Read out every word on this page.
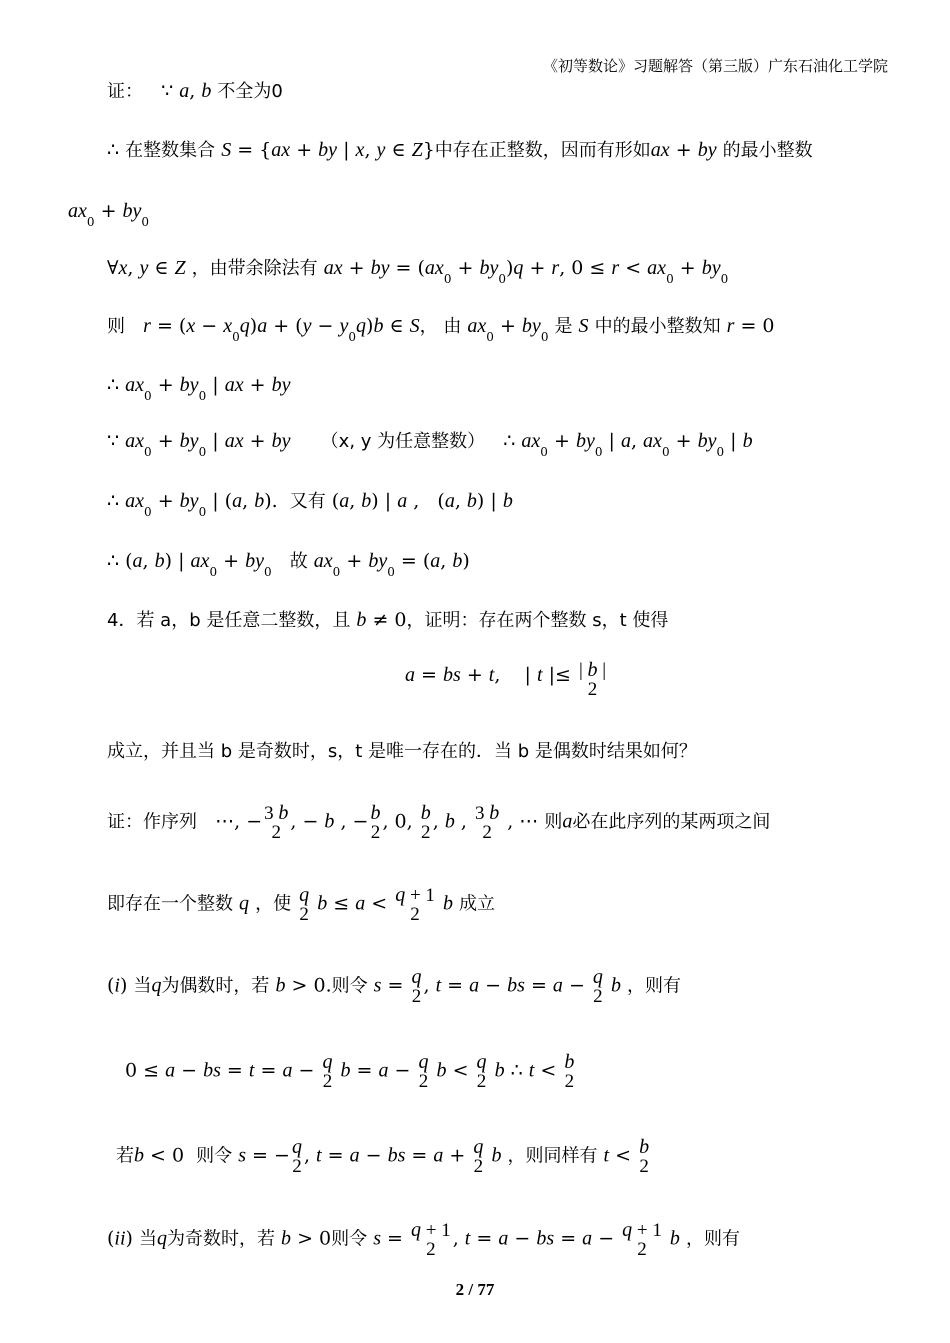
《初等数论》习题解答（第三版）广东石油化工学院
证：   ∵ a, b 不全为0
∴ 在整数集合 S = {ax + by | x, y ∈ Z}中存在正整数，因而有形如ax + by 的最小整数
$ax_0 + by_0$
∀x, y ∈ Z ，由带余除法有 ax + by = $(ax_0 + by_0)q + r$, $0 \le r < ax_0 + by_0$
则 $r = (x - x_0q)a + (y - y_0q)b$ ∈ S， 由 $ax_0 + by_0$ 是 S 中的最小整数知 r = 0
∴ $ax_0 + by_0$ | ax + by
∵ $ax_0 + by_0$ | ax + by （x, y 为任意整数）   ∴ $ax_0 + by_0$ | a, $ax_0 + by_0$ | b
∴ $ax_0 + by_0$ | (a, b).  又有 (a, b) | a ,   (a, b) | b
∴ (a, b) | $ax_0 + by_0$ 故 $ax_0 + by_0 = (a$, b)
4．若 a，b 是任意二整数，且 b ≠ 0，证明：存在两个整数 s，t 使得
a = bs + t,    | t |≤ | b |
2
成立，并且当 b 是奇数时，s，t 是唯一存在的．当 b 是偶数时结果如何？
证：作序列   ⋯, − 3 b
2 , − b , − b
2 , 0, b
2 , b , 3 b
2 , ⋯ 则a必在此序列的某两项之间
即存在一个整数 q ，使 q
2 b ≤ a < q + 1
2	b 成立
(i) 当q为偶数时，若 b > 0.则令 s = q
2 , t = a − bs = a − q
2 b ，则有
0 ≤ a − bs = t = a − q
2 b = a − q
2 b < q
2 b ∴ t < b
2
若b < 0  则令 s = − q
2 , t = a − bs = a + q
2 b ，则同样有 t < b
2
(ii) 当q为奇数时，若 b > 0则令 s = q + 1
2 , t = a − bs = a − q + 1
2	b ，则有
2 / 77
